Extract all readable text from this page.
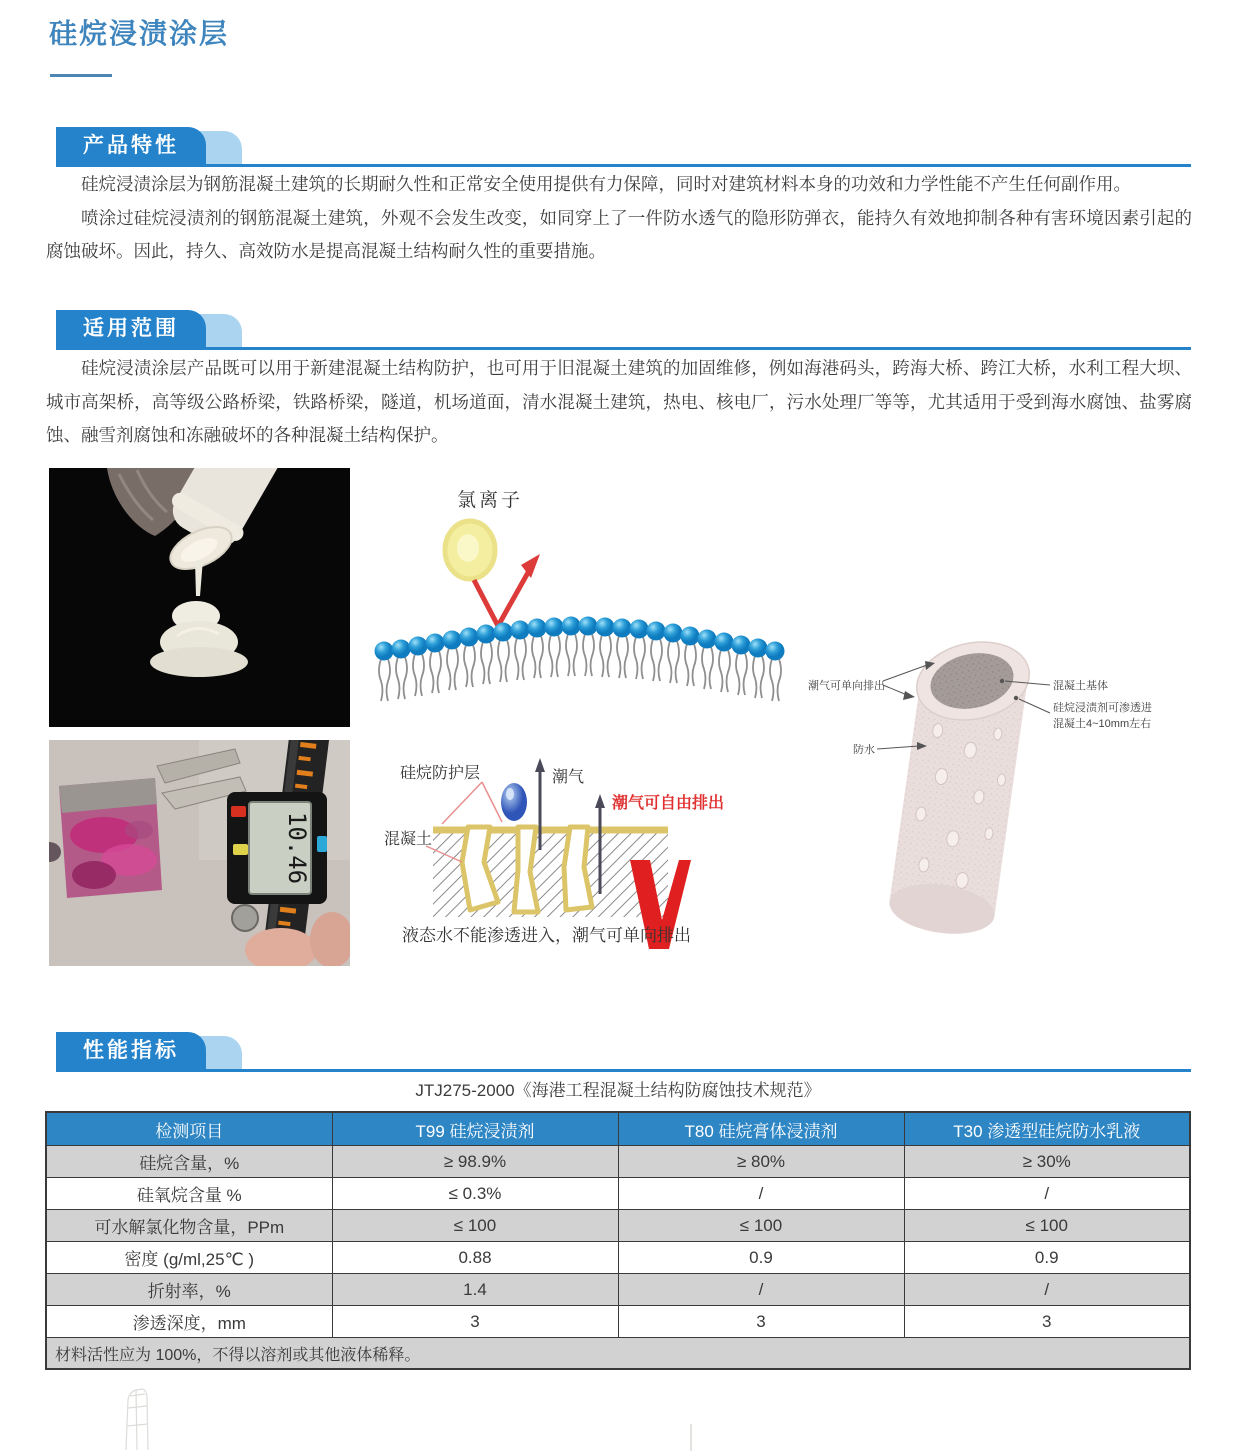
硅烷浸渍涂层
产品特性

硅烷浸渍涂层为钢筋混凝土建筑的长期耐久性和正常安全使用提供有力保障，同时对建筑材料本身的功效和力学性能不产生任何副作用。

喷涂过硅烷浸渍剂的钢筋混凝土建筑，外观不会发生改变，如同穿上了一件防水透气的隐形防弹衣，能持久有效地抑制各种有害环境因素引起的腐蚀破坏。因此，持久、高效防水是提高混凝土结构耐久性的重要措施。

适用范围

硅烷浸渍涂层产品既可以用于新建混凝土结构防护，也可用于旧混凝土建筑的加固维修，例如海港码头，跨海大桥、跨江大桥，水利工程大坝、城市高架桥，高等级公路桥梁，铁路桥梁，隧道，机场道面，清水混凝土建筑，热电、核电厂，污水处理厂等等，尤其适用于受到海水腐蚀、盐雾腐蚀、融雪剂腐蚀和冻融破坏的各种混凝土结构保护。

氯离子
10.46
硅烷防护层
混凝土
潮气
潮气可自由排出
液态水不能渗透进入，潮气可单向排出
潮气可单向排出	混凝土基体
硅烷浸渍剂可渗透进
混凝土4~10mm左右
防水
性能指标
JTJ275-2000《海港工程混凝土结构防腐蚀技术规范》
检测项目	T99 硅烷浸渍剂	T80 硅烷膏体浸渍剂	T30 渗透型硅烷防水乳液
硅烷含量，%	≥ 98.9%	≥ 80%	≥ 30%
硅氧烷含量 %	≤ 0.3%	/	/
可水解氯化物含量，PPm	≤ 100	≤ 100	≤ 100
密度 (g/ml,25℃ )	0.88	0.9	0.9
折射率，%	1.4	/	/
渗透深度，mm	3	3	3
材料活性应为 100%，不得以溶剂或其他液体稀释。			
